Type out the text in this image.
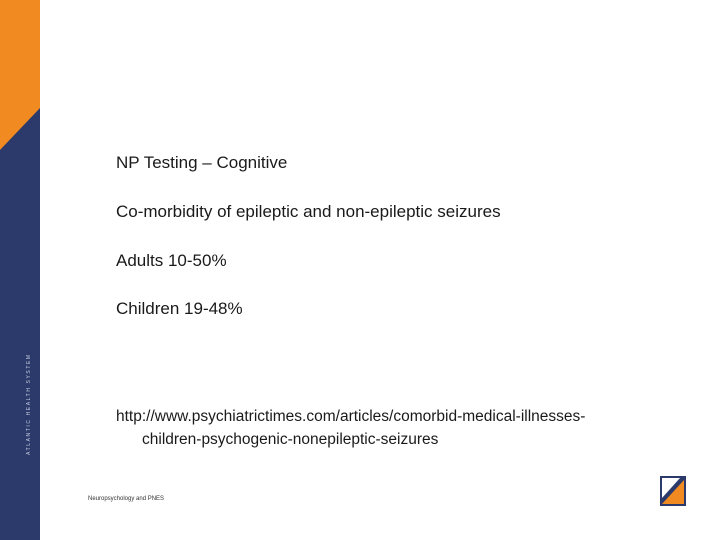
ATLANTIC HEALTH SYSTEM
NP Testing – Cognitive
Co-morbidity of epileptic and non-epileptic seizures
Adults 10-50%
Children 19-48%
http://www.psychiatrictimes.com/articles/comorbid-medical-illnesses-
children-psychogenic-nonepileptic-seizures
Neuropsychology and PNES
